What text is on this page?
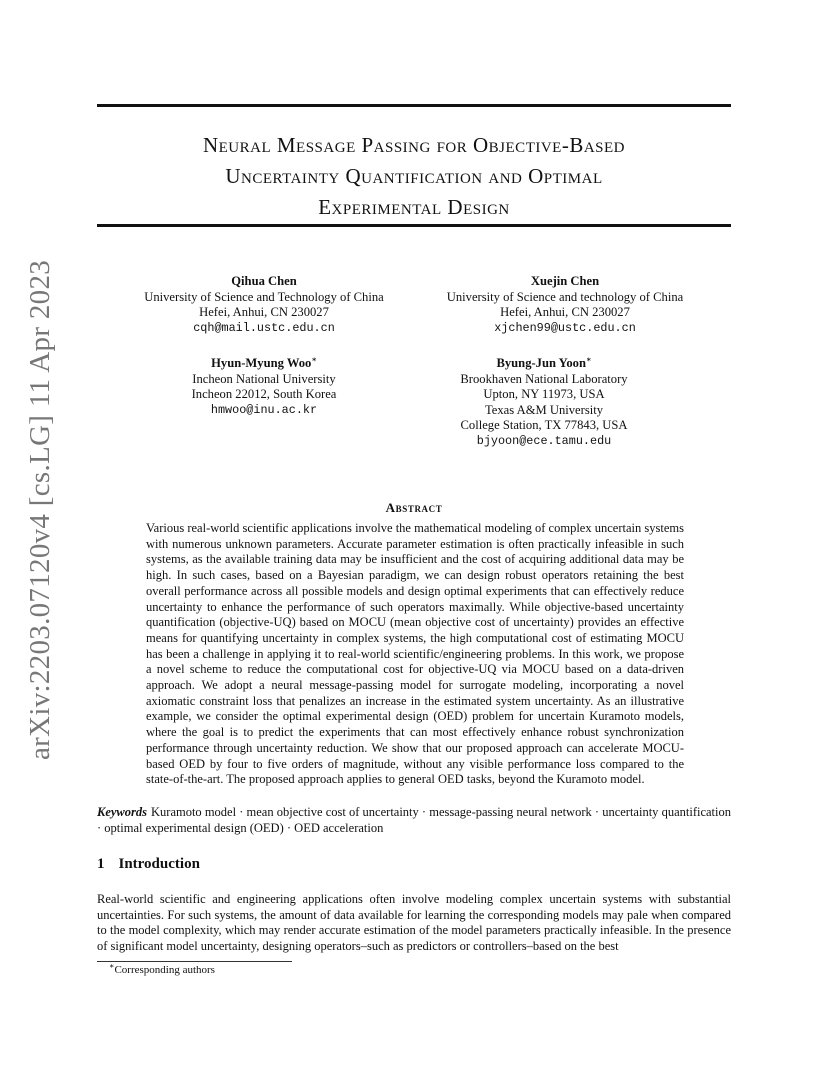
arXiv:2203.07120v4 [cs.LG] 11 Apr 2023
Neural Message Passing for Objective-Based
Uncertainty Quantification and Optimal
Experimental Design
Qihua Chen
University of Science and Technology of China
Hefei, Anhui, CN 230027
cqh@mail.ustc.edu.cn
Xuejin Chen
University of Science and technology of China
Hefei, Anhui, CN 230027
xjchen99@ustc.edu.cn
Hyun-Myung Woo∗
Incheon National University
Incheon 22012, South Korea
hmwoo@inu.ac.kr
Byung-Jun Yoon∗
Brookhaven National Laboratory
Upton, NY 11973, USA
Texas A&M University
College Station, TX 77843, USA
bjyoon@ece.tamu.edu
Abstract
Various real-world scientific applications involve the mathematical modeling of complex uncertain systems with numerous unknown parameters. Accurate parameter estimation is often practically infeasible in such systems, as the available training data may be insufficient and the cost of acquiring additional data may be high. In such cases, based on a Bayesian paradigm, we can design robust operators retaining the best overall performance across all possible models and design optimal experiments that can effectively reduce uncertainty to enhance the performance of such operators maximally. While objective-based uncertainty quantification (objective-UQ) based on MOCU (mean objective cost of uncertainty) provides an effective means for quantifying uncertainty in complex systems, the high computational cost of estimating MOCU has been a challenge in applying it to real-world scientific/engineering problems. In this work, we propose a novel scheme to reduce the computational cost for objective-UQ via MOCU based on a data-driven approach. We adopt a neural message-passing model for surrogate modeling, incorporating a novel axiomatic constraint loss that penalizes an increase in the estimated system uncertainty. As an illustrative example, we consider the optimal experimental design (OED) problem for uncertain Kuramoto models, where the goal is to predict the experiments that can most effectively enhance robust synchronization performance through uncertainty reduction. We show that our proposed approach can accelerate MOCU-based OED by four to five orders of magnitude, without any visible performance loss compared to the state-of-the-art. The proposed approach applies to general OED tasks, beyond the Kuramoto model.
Keywords Kuramoto model · mean objective cost of uncertainty · message-passing neural network · uncertainty quantification · optimal experimental design (OED) · OED acceleration
1 Introduction
Real-world scientific and engineering applications often involve modeling complex uncertain systems with substantial uncertainties. For such systems, the amount of data available for learning the corresponding models may pale when compared to the model complexity, which may render accurate estimation of the model parameters practically infeasible. In the presence of significant model uncertainty, designing operators–such as predictors or controllers–based on the best
∗Corresponding authors
